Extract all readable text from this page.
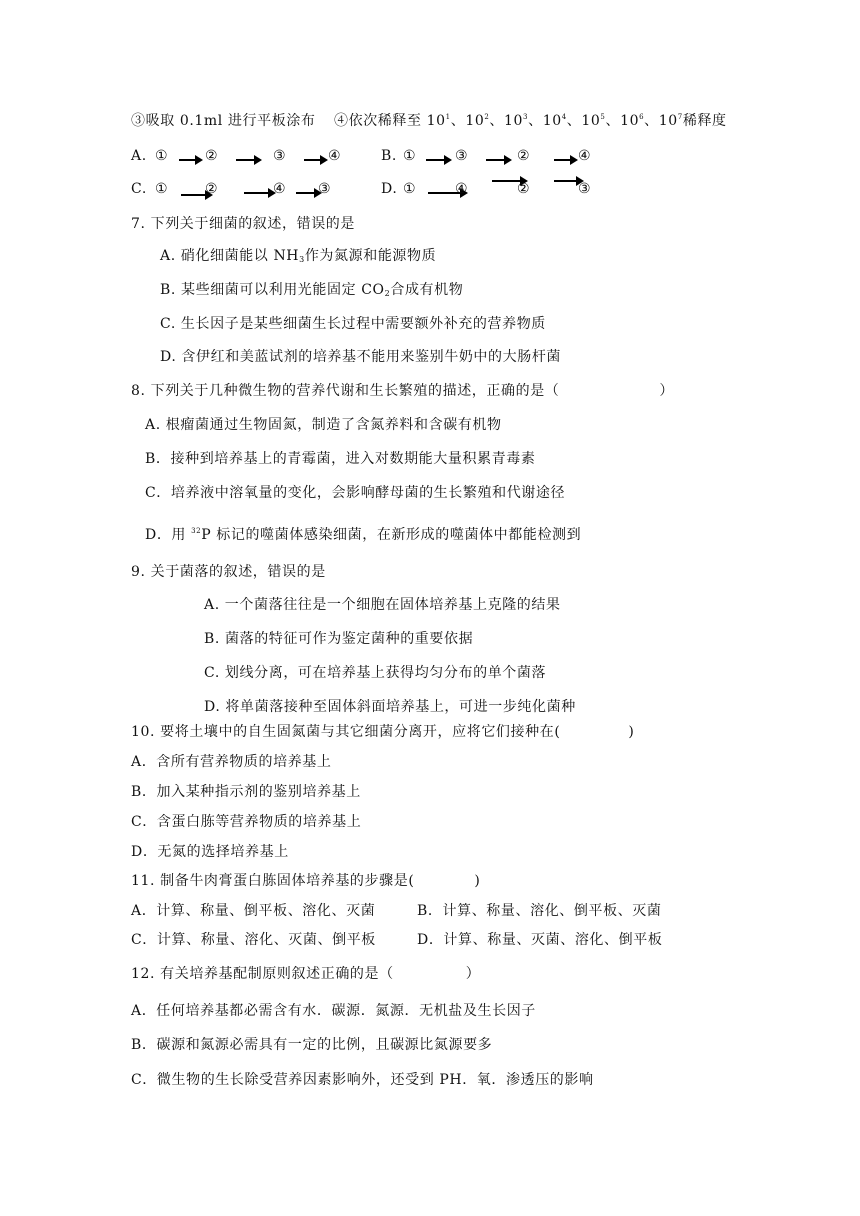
③吸取 0.1ml 进行平板涂布 ④依次稀释至 $10^1$、$10^2$、$10^3$、$10^4$、$10^5$、$10^6$、$10^7$稀释度
A. ①	②	③	④	B. ①	③	②	④
C. ①	②	④ ③	D. ①	④	②	③
7. 下列关于细菌的叙述，错误的是
A. 硝化细菌能以 $NH_3$作为氮源和能源物质
B. 某些细菌可以利用光能固定 $CO_2$合成有机物
C. 生长因子是某些细菌生长过程中需要额外补充的营养物质
D. 含伊红和美蓝试剂的培养基不能用来鉴别牛奶中的大肠杆菌
8. 下列关于几种微生物的营养代谢和生长繁殖的描述，正确的是（	）
A. 根瘤菌通过生物固氮，制造了含氮养料和含碳有机物
B．接种到培养基上的青霉菌，进入对数期能大量积累青毒素
C．培养液中溶氧量的变化，会影响酵母菌的生长繁殖和代谢途径
D．用 $^{32}$P 标记的噬菌体感染细菌，在新形成的噬菌体中都能检测到
9. 关于菌落的叙述，错误的是
A. 一个菌落往往是一个细胞在固体培养基上克隆的结果
B. 菌落的特征可作为鉴定菌种的重要依据
C. 划线分离，可在培养基上获得均匀分布的单个菌落
D. 将单菌落接种至固体斜面培养基上，可进一步纯化菌种
10. 要将土壤中的自生固氮菌与其它细菌分离开，应将它们接种在(	)
A．含所有营养物质的培养基上
B．加入某种指示剂的鉴别培养基上
C．含蛋白胨等营养物质的培养基上
D．无氮的选择培养基上
11. 制备牛肉膏蛋白胨固体培养基的步骤是(	)
A．计算、称量、倒平板、溶化、灭菌	B．计算、称量、溶化、倒平板、灭菌
C．计算、称量、溶化、灭菌、倒平板	D．计算、称量、灭菌、溶化、倒平板
12. 有关培养基配制原则叙述正确的是（	）
A．任何培养基都必需含有水．碳源．氮源．无机盐及生长因子
B．碳源和氮源必需具有一定的比例，且碳源比氮源要多
C．微生物的生长除受营养因素影响外，还受到 PH．氧．渗透压的影响
